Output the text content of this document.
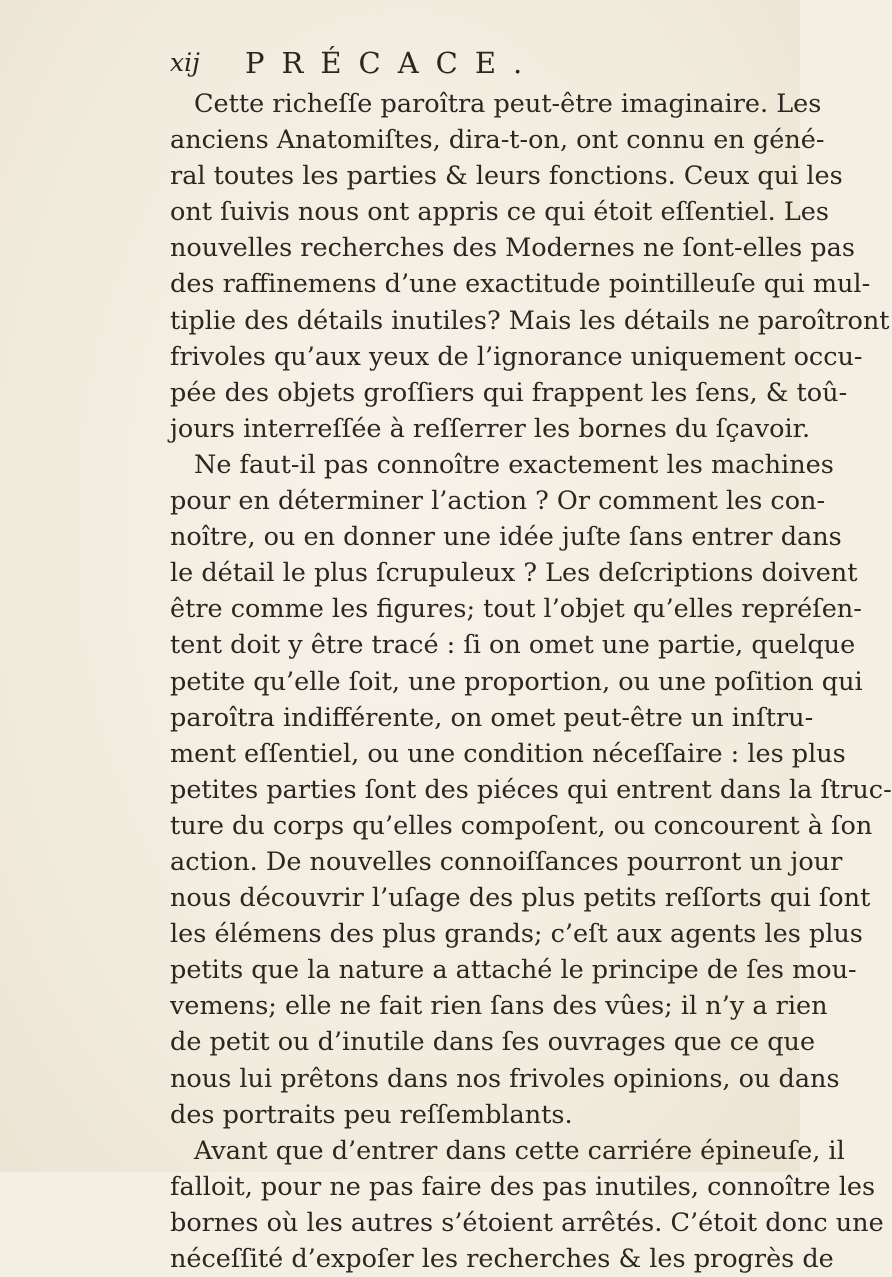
xij PRÉCACE.
Cette richeſſe paroîtra peut-être imaginaire. Les
anciens Anatomiſtes, dira-t-on, ont connu en géné-
ral toutes les parties & leurs fonctions. Ceux qui les
ont ſuivis nous ont appris ce qui étoit eſſentiel. Les
nouvelles recherches des Modernes ne ſont-elles pas
des raffinemens d’une exactitude pointilleuſe qui mul-
tiplie des détails inutiles? Mais les détails ne paroîtront
frivoles qu’aux yeux de l’ignorance uniquement occu-
pée des objets groſſiers qui frappent les ſens, & toû-
jours interreſſée à reſſerrer les bornes du ſçavoir.
Ne faut-il pas connoître exactement les machines
pour en déterminer l’action ? Or comment les con-
noître, ou en donner une idée juſte ſans entrer dans
le détail le plus ſcrupuleux ? Les deſcriptions doivent
être comme les figures; tout l’objet qu’elles repréſen-
tent doit y être tracé : ſi on omet une partie, quelque
petite qu’elle ſoit, une proportion, ou une poſition qui
paroîtra indifférente, on omet peut-être un inſtru-
ment eſſentiel, ou une condition néceſſaire : les plus
petites parties ſont des piéces qui entrent dans la ſtruc-
ture du corps qu’elles compoſent, ou concourent à ſon
action. De nouvelles connoiſſances pourront un jour
nous découvrir l’uſage des plus petits reſſorts qui ſont
les élémens des plus grands; c’eſt aux agents les plus
petits que la nature a attaché le principe de ſes mou-
vemens; elle ne fait rien ſans des vûes; il n’y a rien
de petit ou d’inutile dans ſes ouvrages que ce que
nous lui prêtons dans nos frivoles opinions, ou dans
des portraits peu reſſemblants.
Avant que d’entrer dans cette carriére épineuſe, il
falloit, pour ne pas faire des pas inutiles, connoître les
bornes où les autres s’étoient arrêtés. C’étoit donc une
néceſſité d’expoſer les recherches & les progrès de
